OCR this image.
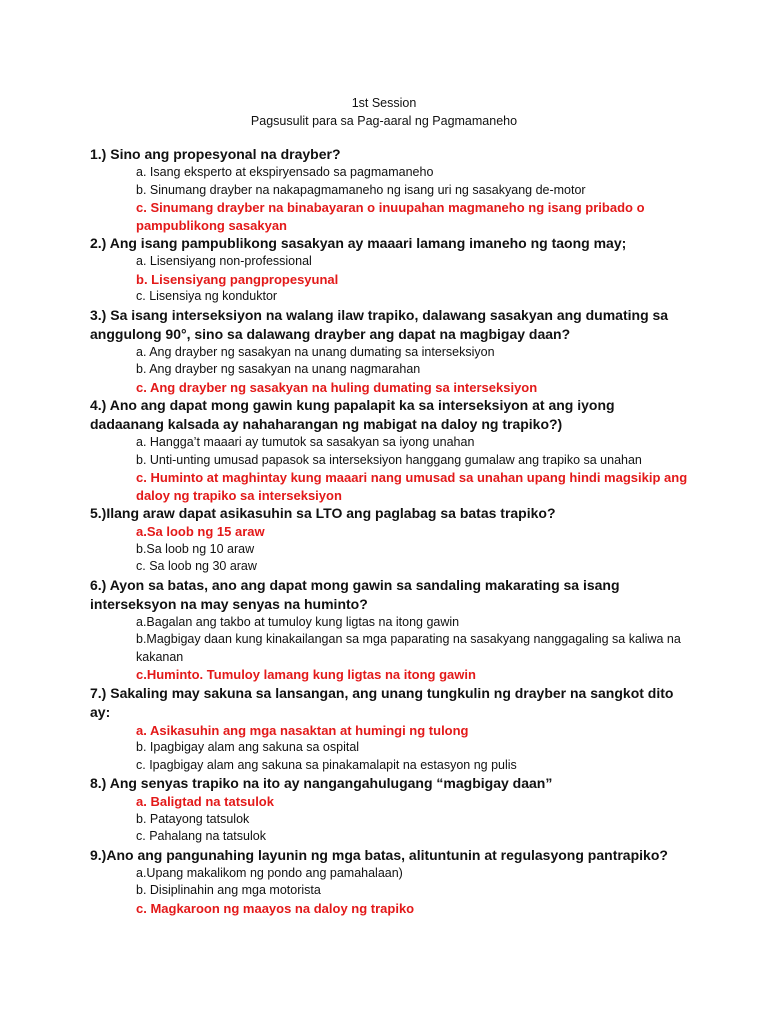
1st Session
Pagsusulit para sa Pag-aaral ng Pagmamaneho

1.) Sino ang propesyonal na drayber?

a. Isang eksperto at ekspiryensado sa pagmamaneho
b. Sinumang drayber na nakapagmamaneho ng isang uri ng sasakyang de-motor
c. Sinumang drayber na binabayaran o inuupahan magmaneho ng isang pribado o pampublikong sasakyan

2.) Ang isang pampublikong sasakyan ay maaari lamang imaneho ng taong may;

a. Lisensiyang non-professional
b. Lisensiyang pangpropesyunal
c. Lisensiya ng konduktor

3.) Sa isang interseksiyon na walang ilaw trapiko, dalawang sasakyan ang dumating sa anggulong 90°, sino sa dalawang drayber ang dapat na magbigay daan?

a. Ang drayber ng sasakyan na unang dumating sa interseksiyon
b. Ang drayber ng sasakyan na unang nagmarahan
c. Ang drayber ng sasakyan na huling dumating sa interseksiyon

4.) Ano ang dapat mong gawin kung papalapit ka sa interseksiyon at ang iyong dadaanang kalsada ay nahaharangan ng mabigat na daloy ng trapiko?)

a. Hangga’t maaari ay tumutok sa sasakyan sa iyong unahan
b. Unti-unting umusad papasok sa interseksiyon hanggang gumalaw ang trapiko sa unahan
c. Huminto at maghintay kung maaari nang umusad sa unahan upang hindi magsikip ang daloy ng trapiko sa interseksiyon

5.)Ilang araw dapat asikasuhin sa LTO ang paglabag sa batas trapiko?

a.Sa loob ng 15 araw
b.Sa loob ng 10 araw
c. Sa loob ng 30 araw

6.) Ayon sa batas, ano ang dapat mong gawin sa sandaling makarating sa isang interseksyon na may senyas na huminto?

a.Bagalan ang takbo at tumuloy kung ligtas na itong gawin
b.Magbigay daan kung kinakailangan sa mga paparating na sasakyang nanggagaling sa kaliwa na kakanan
c.Huminto. Tumuloy lamang kung ligtas na itong gawin

7.) Sakaling may sakuna sa lansangan, ang unang tungkulin ng drayber na sangkot dito ay:

a. Asikasuhin ang mga nasaktan at humingi ng tulong
b. Ipagbigay alam ang sakuna sa ospital
c. Ipagbigay alam ang sakuna sa pinakamalapit na estasyon ng pulis

8.) Ang senyas trapiko na ito ay nangangahulugang “magbigay daan”

a. Baligtad na tatsulok
b. Patayong tatsulok
c. Pahalang na tatsulok

9.)Ano ang pangunahing layunin ng mga batas, alituntunin at regulasyong pantrapiko?

a.Upang makalikom ng pondo ang pamahalaan)
b. Disiplinahin ang mga motorista
c. Magkaroon ng maayos na daloy ng trapiko
